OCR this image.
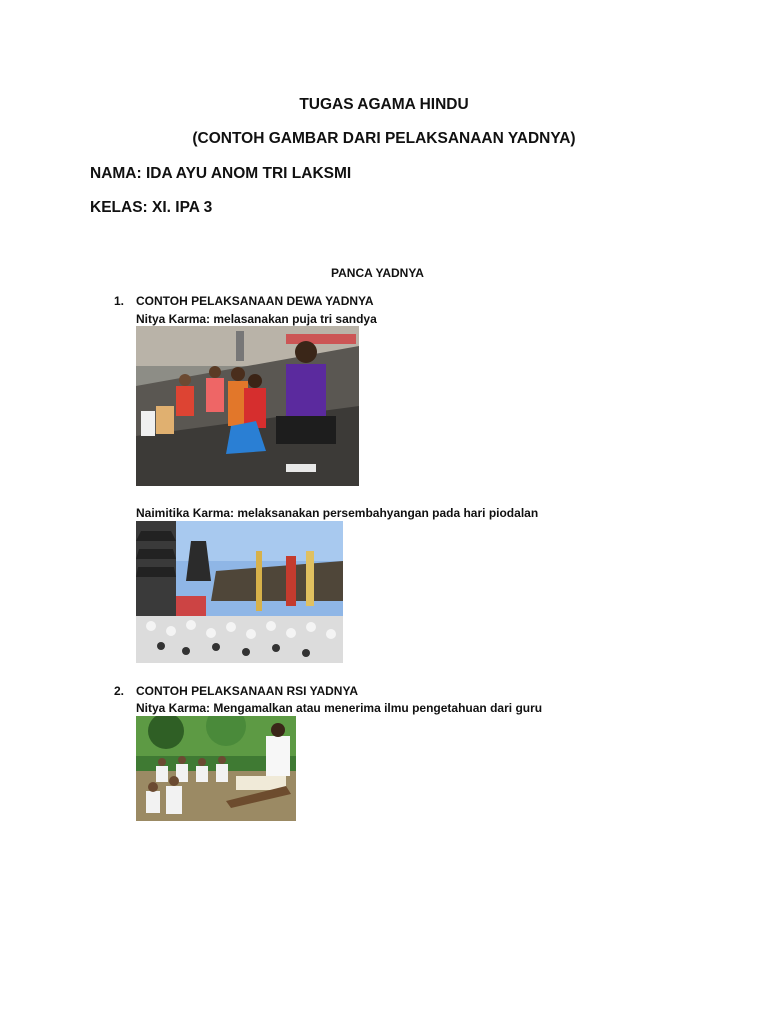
TUGAS AGAMA HINDU
(CONTOH GAMBAR DARI PELAKSANAAN YADNYA)
NAMA: IDA AYU ANOM TRI LAKSMI
KELAS: XI. IPA 3
PANCA YADNYA
1. CONTOH PELAKSANAAN DEWA YADNYA
Nitya Karma: melasanakan puja tri sandya
Naimitika Karma: melaksanakan persembahyangan pada hari piodalan
2. CONTOH PELAKSANAAN RSI YADNYA
Nitya Karma: Mengamalkan atau menerima ilmu pengetahuan dari guru
